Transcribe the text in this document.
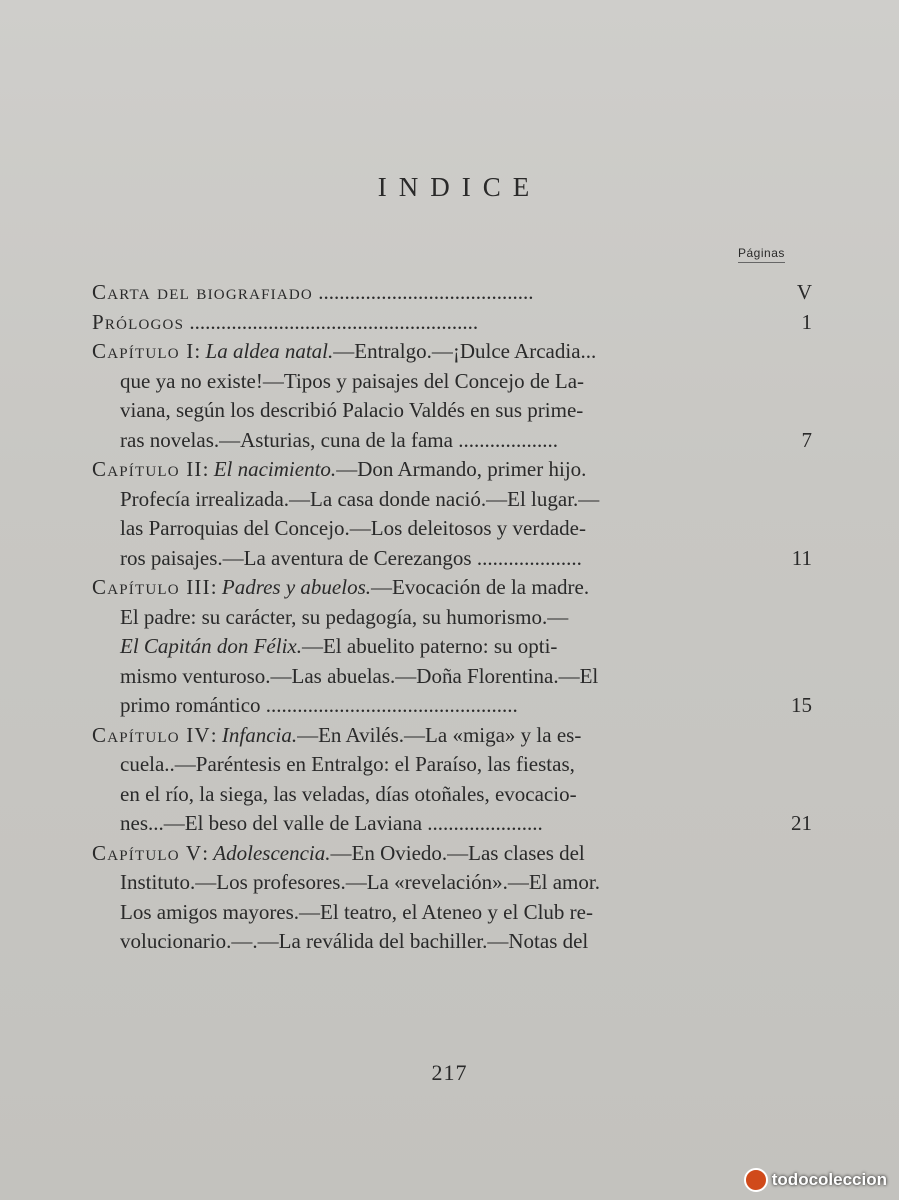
INDICE
Páginas
Carta del biografiado .........................................	V
Prólogos .......................................................	1
Capítulo I: La aldea natal.—Entralgo.—¡Dulce Arcadia...
que ya no existe!—Tipos y paisajes del Concejo de La-
viana, según los describió Palacio Valdés en sus prime-
ras novelas.—Asturias, cuna de la fama ...................	7
Capítulo II: El nacimiento.—Don Armando, primer hijo.
Profecía irrealizada.—La casa donde nació.—El lugar.—
las Parroquias del Concejo.—Los deleitosos y verdade-
ros paisajes.—La aventura de Cerezangos ....................	11
Capítulo III: Padres y abuelos.—Evocación de la madre.
El padre: su carácter, su pedagogía, su humorismo.—
El Capitán don Félix.—El abuelito paterno: su opti-
mismo venturoso.—Las abuelas.—Doña Florentina.—El
primo romántico ................................................	15
Capítulo IV: Infancia.—En Avilés.—La «miga» y la es-
cuela..—Paréntesis en Entralgo: el Paraíso, las fiestas,
en el río, la siega, las veladas, días otoñales, evocacio-
nes...—El beso del valle de Laviana ......................	21
Capítulo V: Adolescencia.—En Oviedo.—Las clases del
Instituto.—Los profesores.—La «revelación».—El amor.
Los amigos mayores.—El teatro, el Ateneo y el Club re-
volucionario.—.—La reválida del bachiller.—Notas del
217
todocoleccion
